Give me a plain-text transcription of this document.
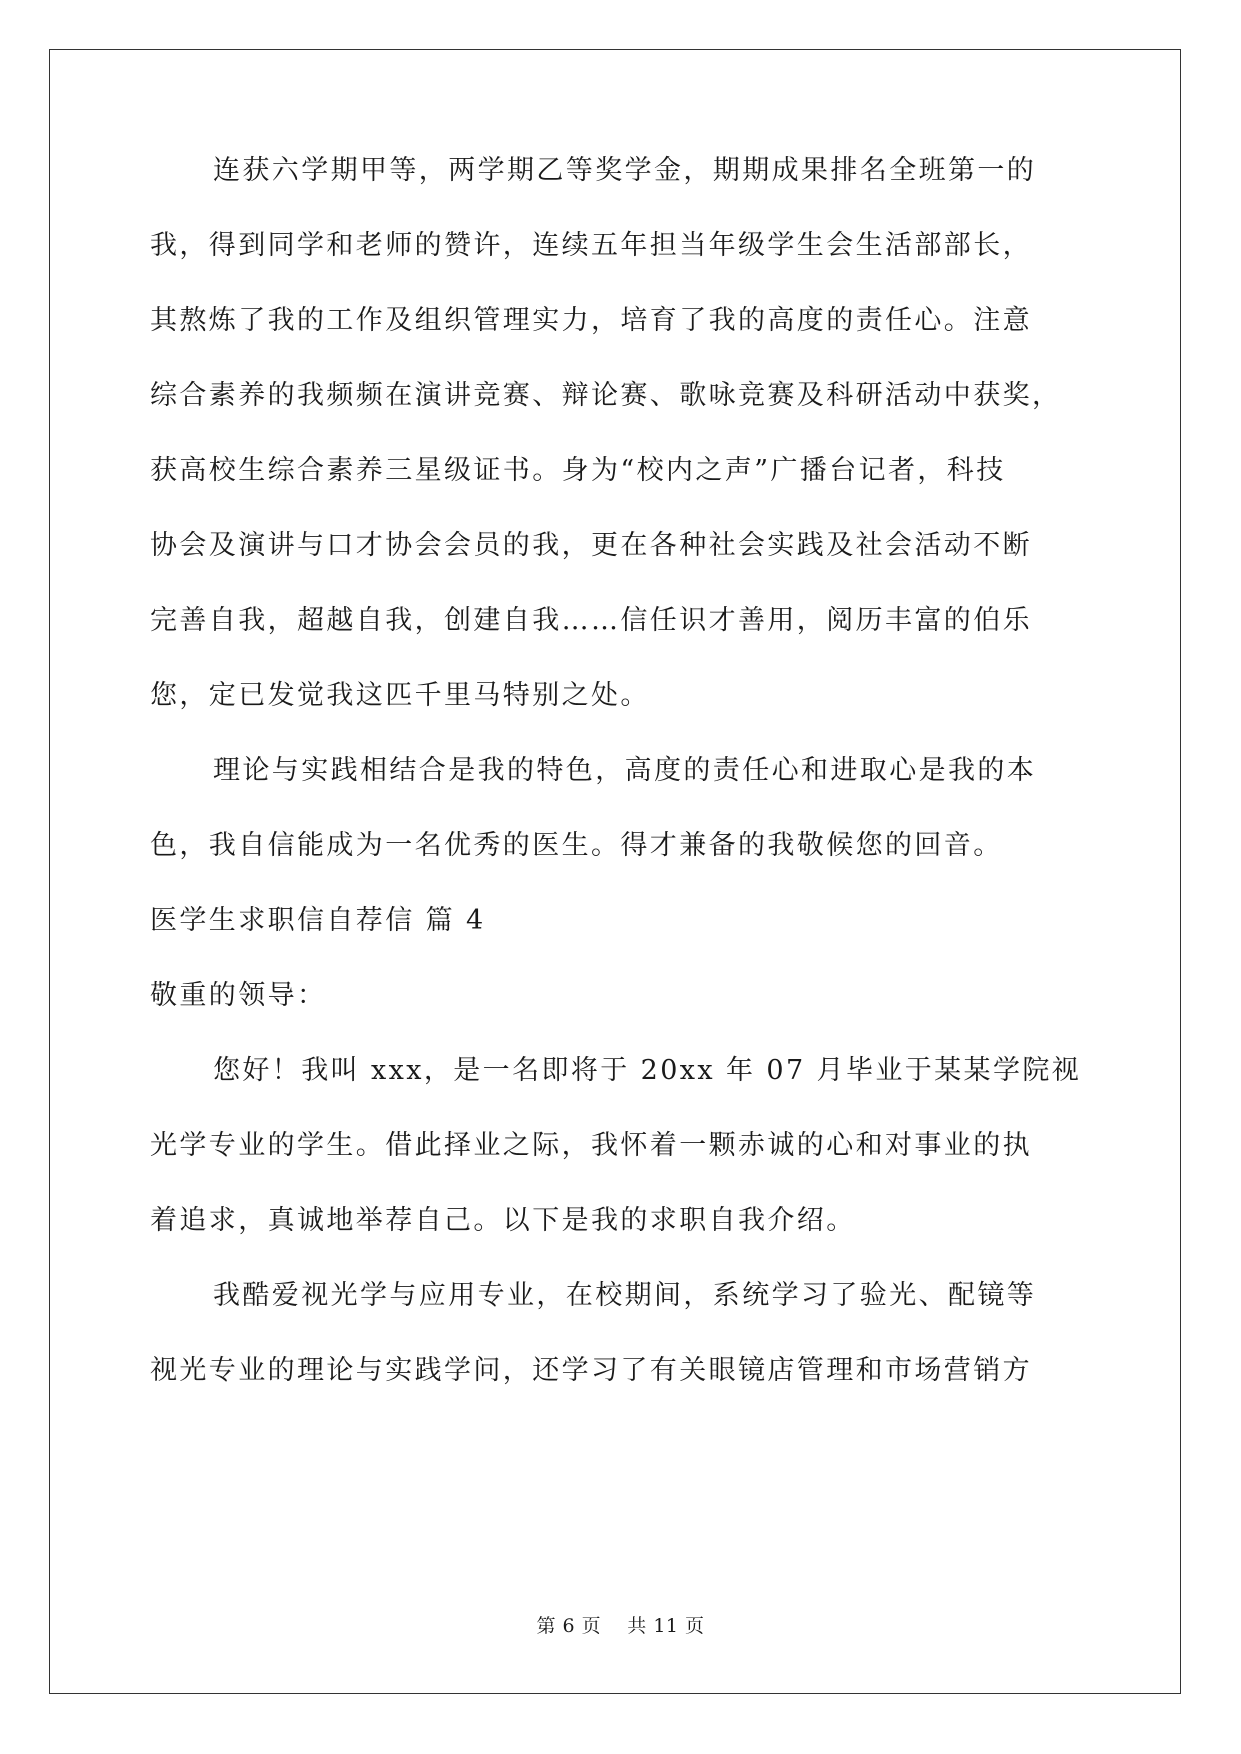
连获六学期甲等，两学期乙等奖学金，期期成果排名全班第一的
我，得到同学和老师的赞许，连续五年担当年级学生会生活部部长，
其熬炼了我的工作及组织管理实力，培育了我的高度的责任心。注意
综合素养的我频频在演讲竞赛、辩论赛、歌咏竞赛及科研活动中获奖，
获高校生综合素养三星级证书。身为“校内之声”广播台记者，科技
协会及演讲与口才协会会员的我，更在各种社会实践及社会活动不断
完善自我，超越自我，创建自我……信任识才善用，阅历丰富的伯乐
您，定已发觉我这匹千里马特别之处。
理论与实践相结合是我的特色，高度的责任心和进取心是我的本
色，我自信能成为一名优秀的医生。得才兼备的我敬候您的回音。
医学生求职信自荐信 篇 4
敬重的领导：
您好！我叫 xxx，是一名即将于 20xx 年 07 月毕业于某某学院视
光学专业的学生。借此择业之际，我怀着一颗赤诚的心和对事业的执
着追求，真诚地举荐自己。以下是我的求职自我介绍。
我酷爱视光学与应用专业，在校期间，系统学习了验光、配镜等
视光专业的理论与实践学问，还学习了有关眼镜店管理和市场营销方
第 6 页    共 11 页
